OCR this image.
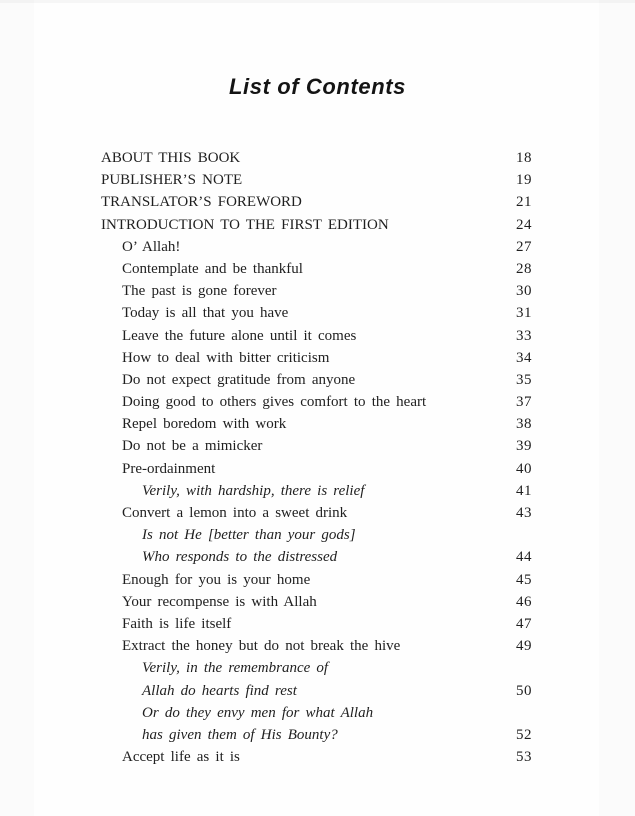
List of Contents
ABOUT THIS BOOK	18
PUBLISHER’S NOTE	19
TRANSLATOR’S FOREWORD	21
INTRODUCTION TO THE FIRST EDITION	24
O’ Allah!	27
Contemplate and be thankful	28
The past is gone forever	30
Today is all that you have	31
Leave the future alone until it comes	33
How to deal with bitter criticism	34
Do not expect gratitude from anyone	35
Doing good to others gives comfort to the heart	37
Repel boredom with work	38
Do not be a mimicker	39
Pre-ordainment	40
Verily, with hardship, there is relief	41
Convert a lemon into a sweet drink	43
Is not He [better than your gods]
Who responds to the distressed	44
Enough for you is your home	45
Your recompense is with Allah	46
Faith is life itself	47
Extract the honey but do not break the hive	49
Verily, in the remembrance of
Allah do hearts find rest	50
Or do they envy men for what Allah
has given them of His Bounty?	52
Accept life as it is	53
